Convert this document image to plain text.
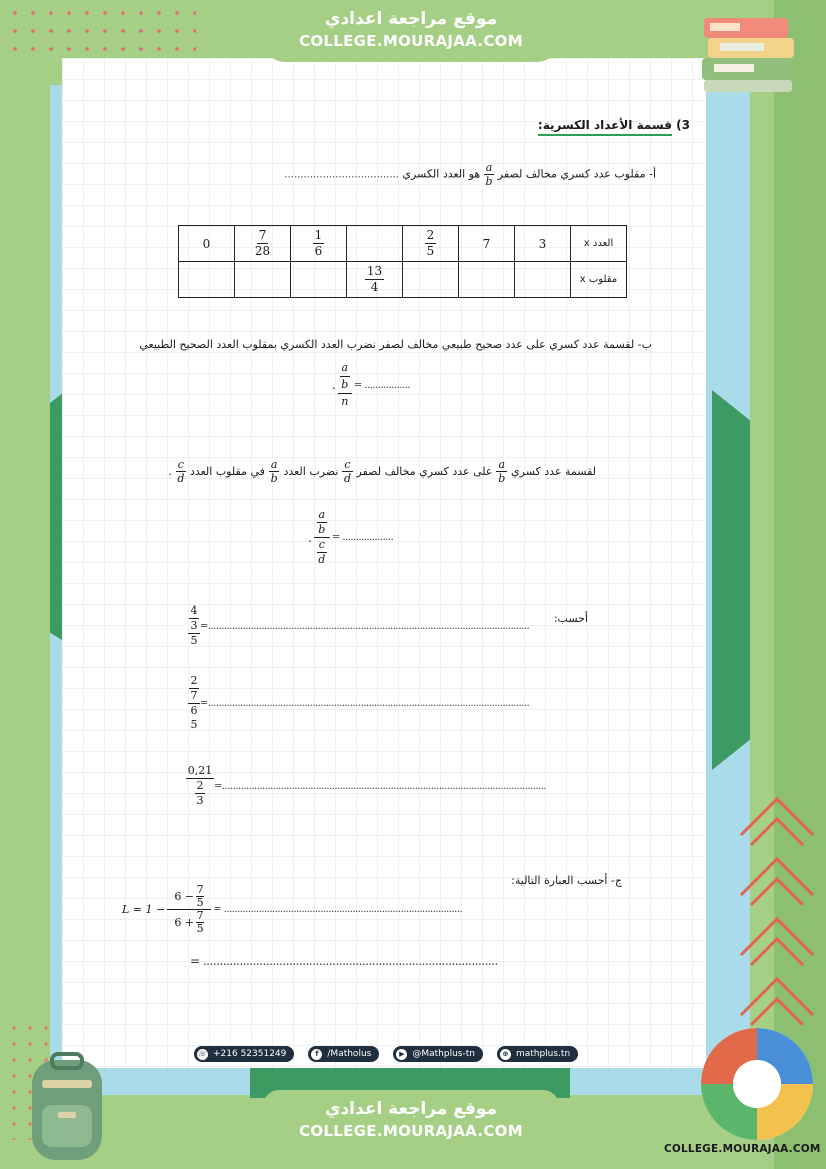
موقع مراجعة اعدادي
COLLEGE.MOURAJAA.COM
3) قسمة الأعداد الكسرية:
أ- مقلوب عدد كسري مخالف لصفر
$\frac{a}{b}$
هو العدد الكسري ....................................
العدد x	3	7	$\frac{2}{5}$		$\frac{1}{6}$	$\frac{7}{28}$	0
مقلوب x				$\frac{13}{4}$

ب- لقسمة عدد كسري على عدد صحيح طبيعي مخالف لصفر نضرب العدد الكسري بمقلوب العدد الصحيح الطبيعي
.
a
b
n
= .................
لقسمة عدد كسري
a
b
على عدد كسري مخالف لصفر
c
d
نضرب العدد
a
b
في مقلوب العدد
c
d
.
.
a
b
c
d
= ...................
أحسب:
4
3
5
=........................................................................................................................
2
7
6
5
=........................................................................................................................
0,21
2
3
=.........................................................................................................................
ج- أحسب العبارة التالية:
L = 1 −
6 − 7
5
6 + 7
5
= .........................................................................................
= .........................................................................................
☏ +216 52351249	f /Matholus	▶ @Mathplus-tn	⊕ mathplus.tn
موقع مراجعة اعدادي
COLLEGE.MOURAJAA.COM
COLLEGE.MOURAJAA.COM
